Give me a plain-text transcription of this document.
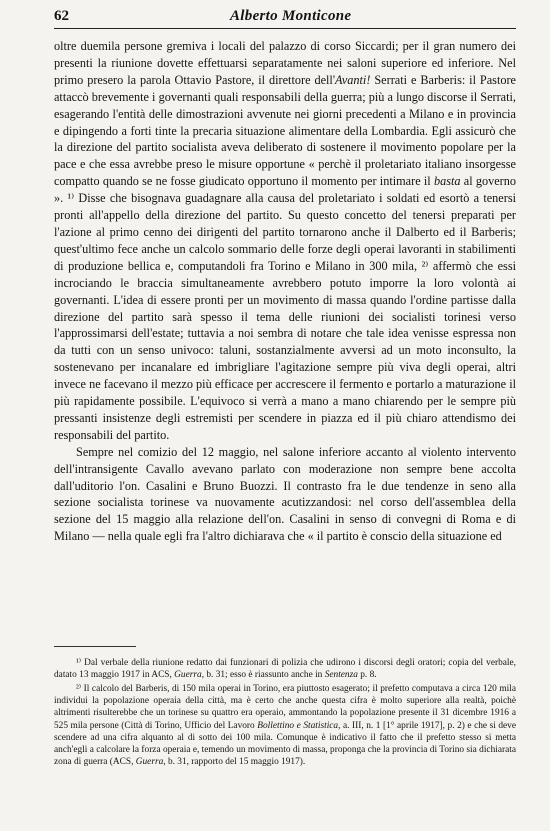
62	Alberto Monticone

oltre duemila persone gremiva i locali del palazzo di corso Siccardi; per il gran numero dei presenti la riunione dovette effettuarsi separatamente nei saloni superiore ed inferiore. Nel primo presero la parola Ottavio Pastore, il direttore dell'Avanti! Serrati e Barberis: il Pastore attaccò brevemente i governanti quali responsabili della guerra; più a lungo discorse il Serrati, esagerando l'entità delle dimostrazioni avvenute nei giorni precedenti a Milano e in provincia e dipingendo a forti tinte la precaria situazione alimentare della Lombardia. Egli assicurò che la direzione del partito socialista aveva deliberato di sostenere il movimento popolare per la pace e che essa avrebbe preso le misure opportune « perchè il proletariato italiano insorgesse compatto quando se ne fosse giudicato opportuno il momento per intimare il basta al governo ». ¹⁾ Disse che bisognava guadagnare alla causa del proletariato i soldati ed esortò a tenersi pronti all'appello della direzione del partito. Su questo concetto del tenersi preparati per l'azione al primo cenno dei dirigenti del partito tornarono anche il Dalberto ed il Barberis; quest'ultimo fece anche un calcolo sommario delle forze degli operai lavoranti in stabilimenti di produzione bellica e, computandoli fra Torino e Milano in 300 mila, ²⁾ affermò che essi incrociando le braccia simultaneamente avrebbero potuto imporre la loro volontà ai governanti. L'idea di essere pronti per un movimento di massa quando l'ordine partisse dalla direzione del partito sarà spesso il tema delle riunioni dei socialisti torinesi verso l'approssimarsi dell'estate; tuttavia a noi sembra di notare che tale idea venisse espressa non da tutti con un senso univoco: taluni, sostanzialmente avversi ad un moto inconsulto, la sostenevano per incanalare ed imbrigliare l'agitazione sempre più viva degli operai, altri invece ne facevano il mezzo più efficace per accrescere il fermento e portarlo a maturazione il più rapidamente possibile. L'equivoco si verrà a mano a mano chiarendo per le sempre più pressanti insistenze degli estremisti per scendere in piazza ed il più chiaro attendismo dei responsabili del partito.

Sempre nel comizio del 12 maggio, nel salone inferiore accanto al violento intervento dell'intransigente Cavallo avevano parlato con moderazione non sempre bene accolta dall'uditorio l'on. Casalini e Bruno Buozzi. Il contrasto fra le due tendenze in seno alla sezione socialista torinese va nuovamente acutizzandosi: nel corso dell'assemblea della sezione del 15 maggio alla relazione dell'on. Casalini in senso di convegni di Roma e di Milano — nella quale egli fra l'altro dichiarava che « il partito è conscio della situazione ed

¹⁾ Dal verbale della riunione redatto dai funzionari di polizia che udirono i discorsi degli oratori; copia del verbale, datato 13 maggio 1917 in ACS, Guerra, b. 31; esso è riassunto anche in Sentenza p. 8.

²⁾ Il calcolo del Barberis, di 150 mila operai in Torino, era piuttosto esagerato; il prefetto computava a circa 120 mila individui la popolazione operaia della città, ma è certo che anche questa cifra è molto superiore alla realtà, poichè altrimenti risulterebbe che un torinese su quattro era operaio, ammontando la popolazione presente il 31 dicembre 1916 a 525 mila persone (Città di Torino, Ufficio del Lavoro Bollettino e Statistica, a. III, n. 1 [1° aprile 1917], p. 2) e che si deve scendere ad una cifra alquanto al di sotto dei 100 mila. Comunque è indicativo il fatto che il prefetto stesso si metta anch'egli a calcolare la forza operaia e, temendo un movimento di massa, proponga che la provincia di Torino sia dichiarata zona di guerra (ACS, Guerra, b. 31, rapporto del 15 maggio 1917).
